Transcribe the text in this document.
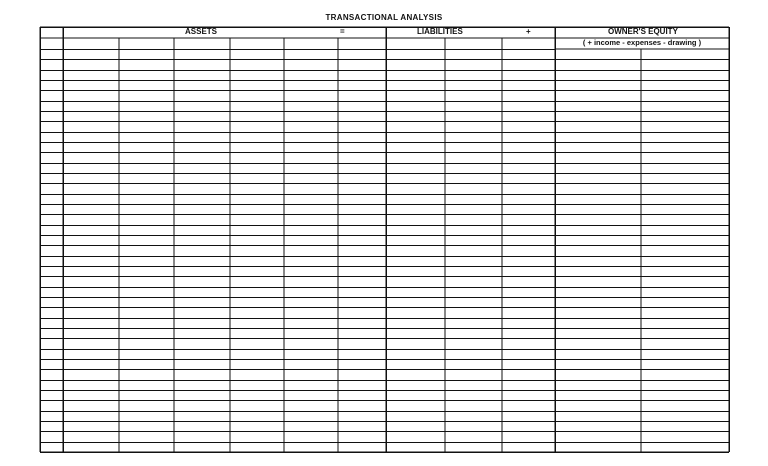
TRANSACTIONAL ANALYSIS
ASSETS	=	LIABILITIES	+	OWNER'S EQUITY
( + income - expenses - drawing )
